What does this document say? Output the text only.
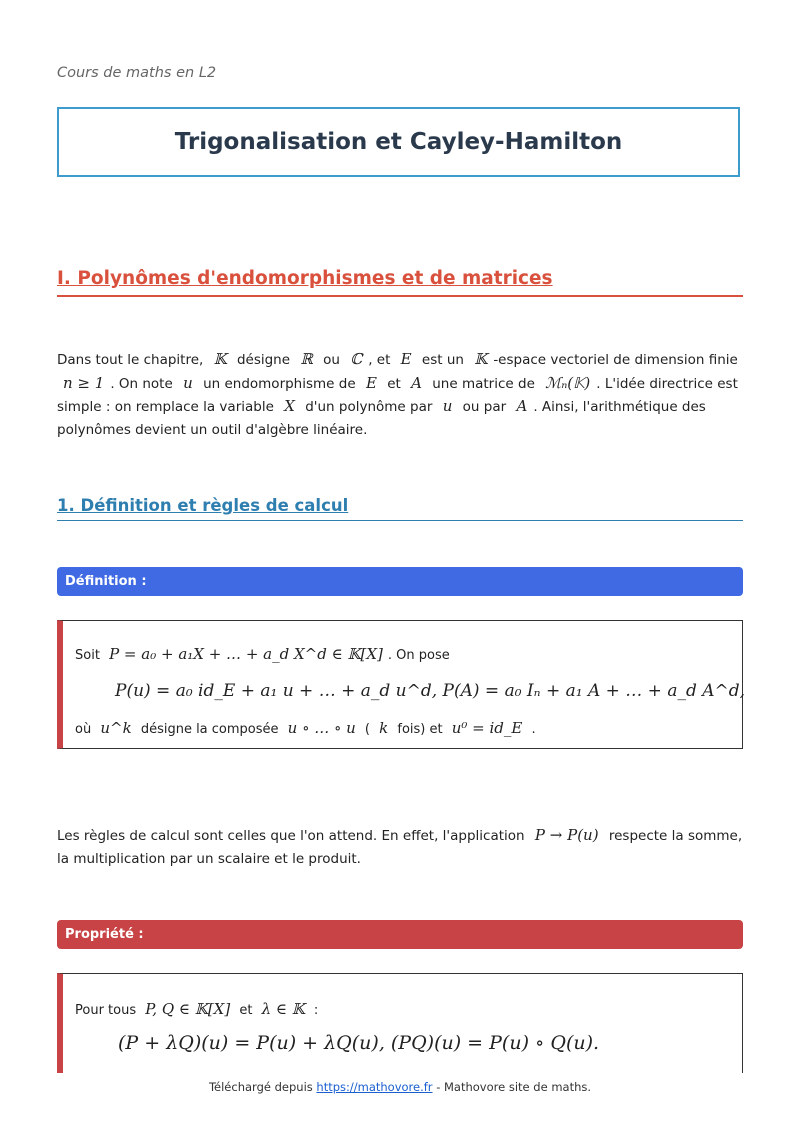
Cours de maths en L2
Trigonalisation et Cayley-Hamilton
I. Polynômes d'endomorphismes et de matrices
Dans tout le chapitre, 𝕂 désigne ℝ ou ℂ , et E est un 𝕂 -espace vectoriel de dimension finie n ≥ 1 . On note u un endomorphisme de E et A une matrice de ℳₙ(𝕂) . L'idée directrice est simple : on remplace la variable X d'un polynôme par u ou par A . Ainsi, l'arithmétique des polynômes devient un outil d'algèbre linéaire.
1. Définition et règles de calcul
Définition :
Soit P = a₀ + a₁X + … + a_d X^d ∈ 𝕂[X] . On pose
P(u) = a₀ id_E + a₁ u + … + a_d u^d, P(A) = a₀ Iₙ + a₁ A + … + a_d A^d,
où u^k désigne la composée u ∘ … ∘ u ( k fois) et u⁰ = id_E .
Les règles de calcul sont celles que l'on attend. En effet, l'application P → P(u) respecte la somme, la multiplication par un scalaire et le produit.
Propriété :
Pour tous P, Q ∈ 𝕂[X] et λ ∈ 𝕂 :
(P + λQ)(u) = P(u) + λQ(u), (PQ)(u) = P(u) ∘ Q(u).
Téléchargé depuis https://mathovore.fr - Mathovore site de maths.
